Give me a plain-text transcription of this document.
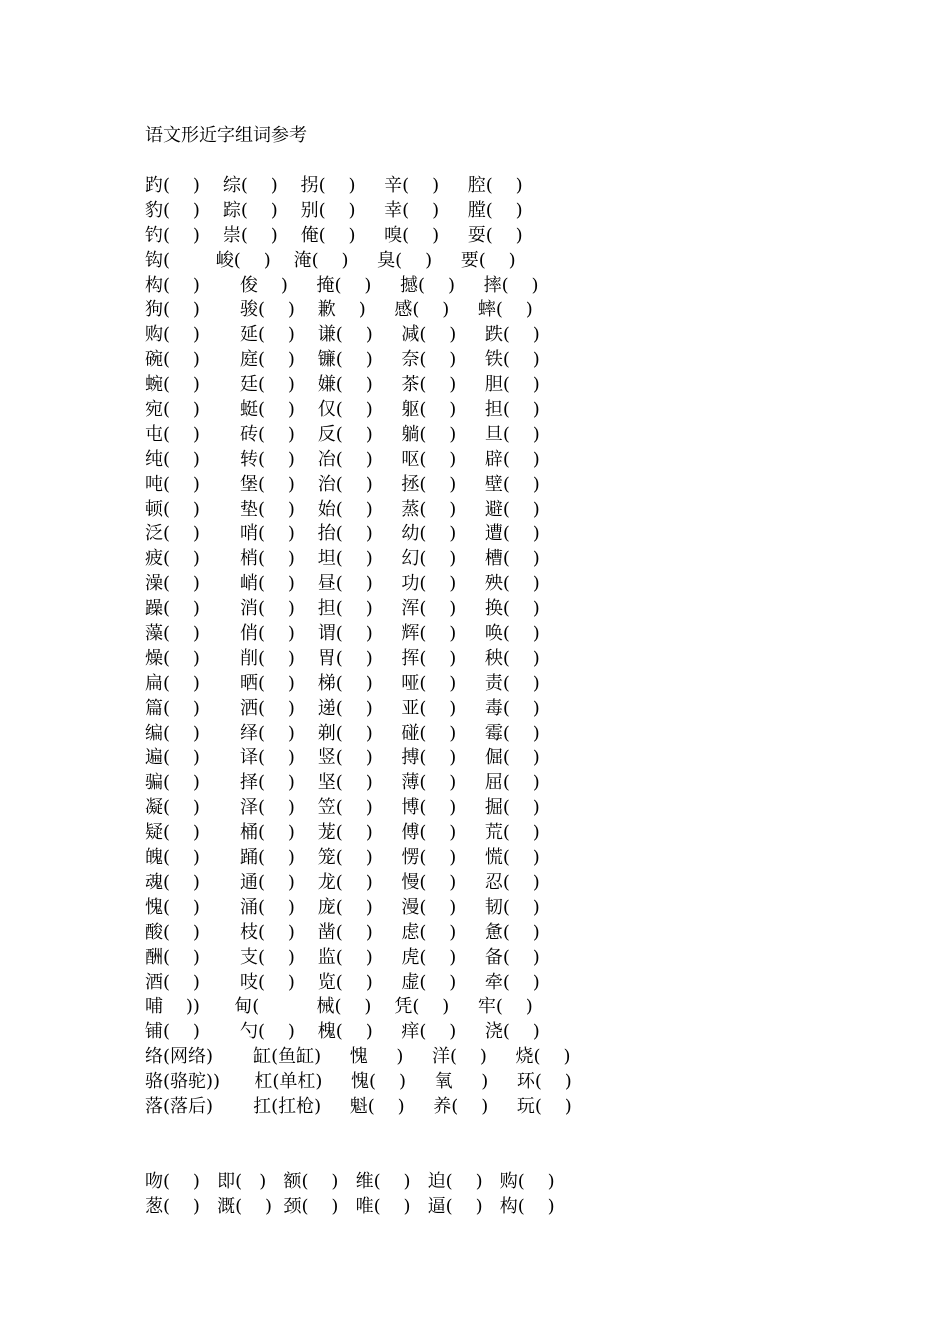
语文形近字组词参考
趵(    )    综(    )    拐(    )     辛(    )     腔(    )
豹(    )    踪(    )    别(    )     幸(    )     膛(    )
钓(    )    崇(    )    俺(    )     嗅(    )     耍(    )
钩(        峻(    )    淹(    )     臭(    )     要(    )
构(    )       俊    )     掩(    )     撼(    )     摔(    )
狗(    )       骏(    )    歉    )     感(    )     蟀(    )
购(    )       延(    )    谦(    )     减(    )     跌(    )
碗(    )       庭(    )    镰(    )     奈(    )     铁(    )
蜿(    )       廷(    )    嫌(    )     茶(    )     胆(    )
宛(    )       蜓(    )    仅(    )     躯(    )     担(    )
屯(    )       砖(    )    反(    )     躺(    )     旦(    )
纯(    )       转(    )    冶(    )     呕(    )     辟(    )
吨(    )       堡(    )    治(    )     拯(    )     壁(    )
顿(    )       垫(    )    始(    )     蒸(    )     避(    )
泛(    )       哨(    )    抬(    )     幼(    )     遭(    )
疲(    )       梢(    )    坦(    )     幻(    )     槽(    )
澡(    )       峭(    )    昼(    )     功(    )     殃(    )
躁(    )       消(    )    担(    )     浑(    )     换(    )
藻(    )       俏(    )    谓(    )     辉(    )     唤(    )
燥(    )       削(    )    胃(    )     挥(    )     秧(    )
扁(    )       晒(    )    梯(    )     哑(    )     责(    )
篇(    )       洒(    )    递(    )     亚(    )     毒(    )
编(    )       绎(    )    剃(    )     碰(    )     霉(    )
遍(    )       译(    )    竖(    )     搏(    )     倔(    )
骗(    )       择(    )    坚(    )     薄(    )     屈(    )
凝(    )       泽(    )    笠(    )     博(    )     掘(    )
疑(    )       桶(    )    茏(    )     傅(    )     荒(    )
魄(    )       踊(    )    笼(    )     愣(    )     慌(    )
魂(    )       通(    )    龙(    )     慢(    )     忍(    )
愧(    )       涌(    )    庞(    )     漫(    )     韧(    )
酸(    )       枝(    )    凿(    )     虑(    )     惫(    )
酬(    )       支(    )    监(    )     虎(    )     备(    )
酒(    )       吱(    )    览(    )     虚(    )     牵(    )
哺    ))      甸(          械(    )    凭(    )     牢(    )
铺(    )       勺(    )    槐(    )     痒(    )     浇(    )
络(网络)       缸(鱼缸)     愧     )     洋(    )     烧(    )
骆(骆驼))      杠(单杠)     愧(    )     氧     )     环(    )
落(落后)       扛(扛枪)     魁(    )     养(    )     玩(    )
吻(    )   即(   )   额(    )   维(    )   迫(    )   购(    )
葱(    )   溉(    )  颈(    )   唯(    )   逼(    )   构(    )
